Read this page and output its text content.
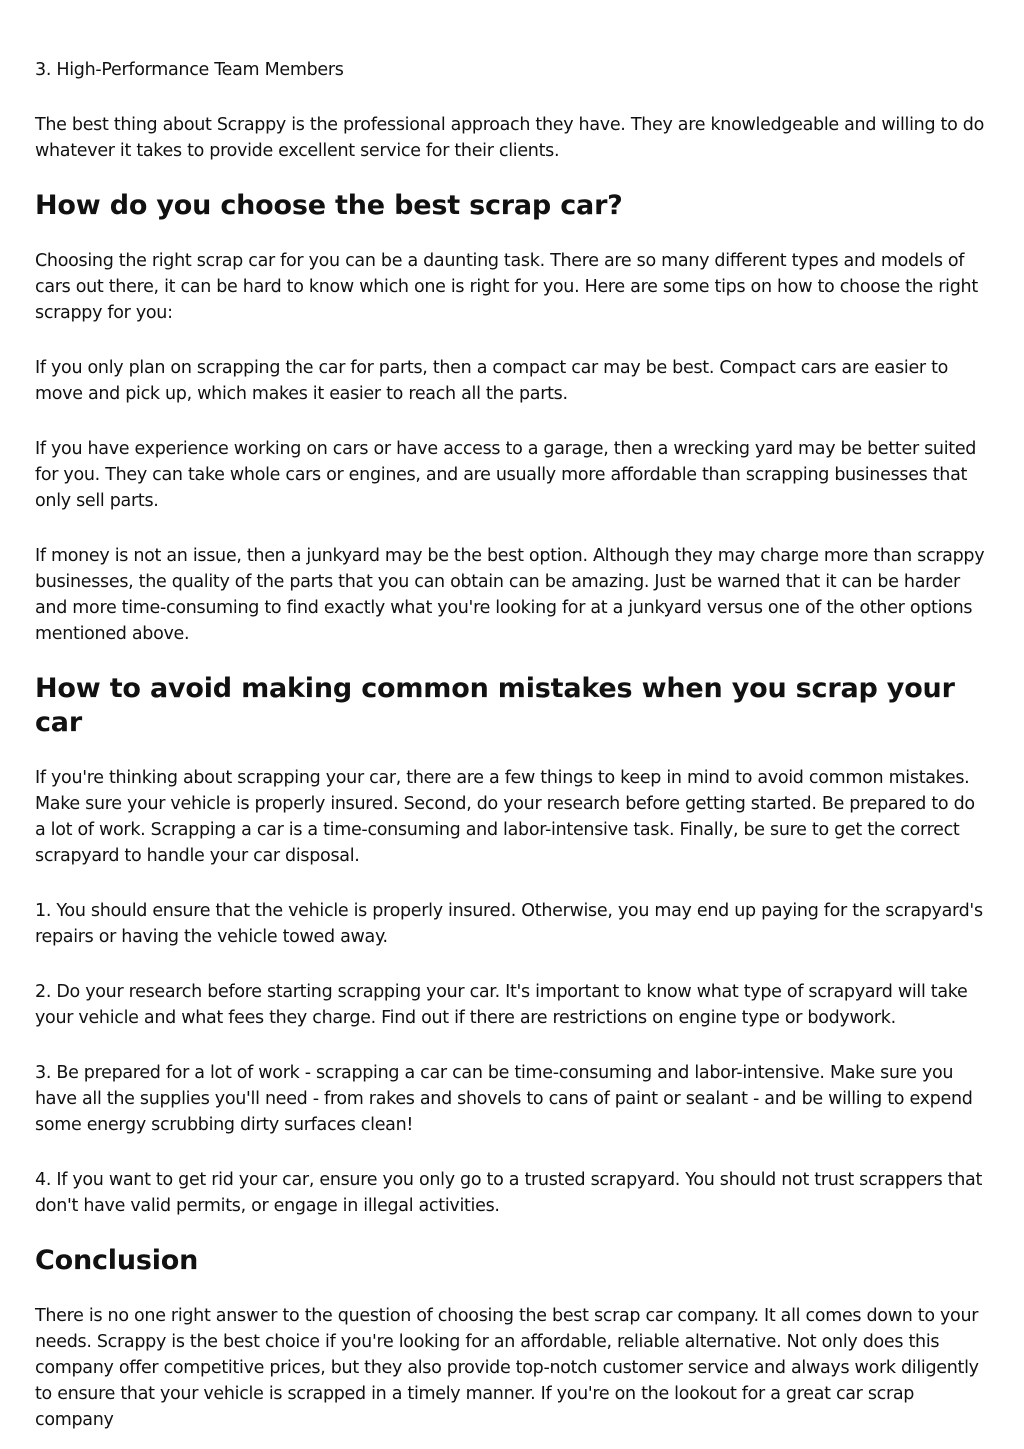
3. High-Performance Team Members

The best thing about Scrappy is the professional approach they have. They are knowledgeable and willing to do whatever it takes to provide excellent service for their clients.

How do you choose the best scrap car?

Choosing the right scrap car for you can be a daunting task. There are so many different types and models of cars out there, it can be hard to know which one is right for you. Here are some tips on how to choose the right scrappy for you:

If you only plan on scrapping the car for parts, then a compact car may be best. Compact cars are easier to move and pick up, which makes it easier to reach all the parts.

If you have experience working on cars or have access to a garage, then a wrecking yard may be better suited for you. They can take whole cars or engines, and are usually more affordable than scrapping businesses that only sell parts.

If money is not an issue, then a junkyard may be the best option. Although they may charge more than scrappy businesses, the quality of the parts that you can obtain can be amazing. Just be warned that it can be harder and more time-consuming to find exactly what you're looking for at a junkyard versus one of the other options mentioned above.

How to avoid making common mistakes when you scrap your car

If you're thinking about scrapping your car, there are a few things to keep in mind to avoid common mistakes. Make sure your vehicle is properly insured. Second, do your research before getting started. Be prepared to do a lot of work. Scrapping a car is a time-consuming and labor-intensive task. Finally, be sure to get the correct scrapyard to handle your car disposal.

1. You should ensure that the vehicle is properly insured. Otherwise, you may end up paying for the scrapyard's repairs or having the vehicle towed away.

2. Do your research before starting scrapping your car. It's important to know what type of scrapyard will take your vehicle and what fees they charge. Find out if there are restrictions on engine type or bodywork.

3. Be prepared for a lot of work - scrapping a car can be time-consuming and labor-intensive. Make sure you have all the supplies you'll need - from rakes and shovels to cans of paint or sealant - and be willing to expend some energy scrubbing dirty surfaces clean!

4. If you want to get rid your car, ensure you only go to a trusted scrapyard. You should not trust scrappers that don't have valid permits, or engage in illegal activities.

Conclusion

There is no one right answer to the question of choosing the best scrap car company. It all comes down to your needs. Scrappy is the best choice if you're looking for an affordable, reliable alternative. Not only does this company offer competitive prices, but they also provide top-notch customer service and always work diligently to ensure that your vehicle is scrapped in a timely manner. If you're on the lookout for a great car scrap company
